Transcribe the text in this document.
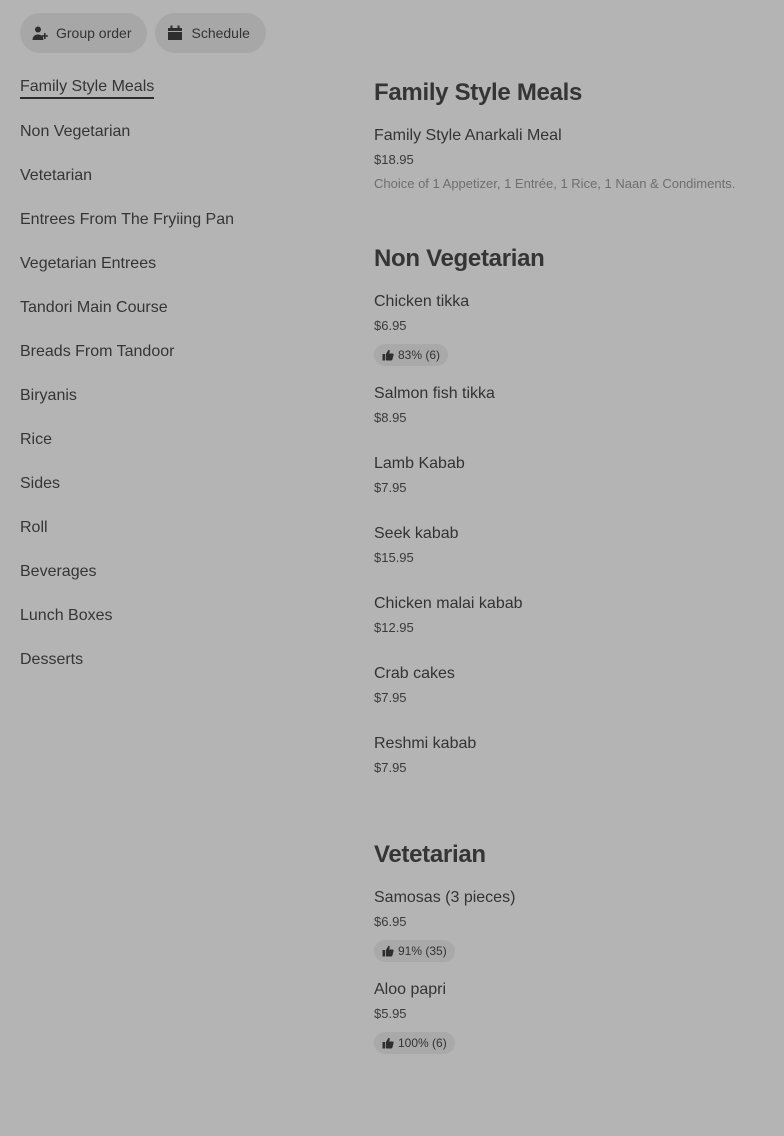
Group order	Schedule
Family Style Meals
Non Vegetarian
Vetetarian
Entrees From The Fryiing Pan
Vegetarian Entrees
Tandori Main Course
Breads From Tandoor
Biryanis
Rice
Sides
Roll
Beverages
Lunch Boxes
Desserts
Family Style Meals
Family Style Anarkali Meal
$18.95
Choice of 1 Appetizer, 1 Entrée, 1 Rice, 1 Naan & Condiments.
Non Vegetarian
Chicken tikka
$6.95
83% (6)
Salmon fish tikka
$8.95
Lamb Kabab
$7.95
Seek kabab
$15.95
Chicken malai kabab
$12.95
Crab cakes
$7.95
Reshmi kabab
$7.95
Vetetarian
Samosas (3 pieces)
$6.95
91% (35)
Aloo papri
$5.95
100% (6)
